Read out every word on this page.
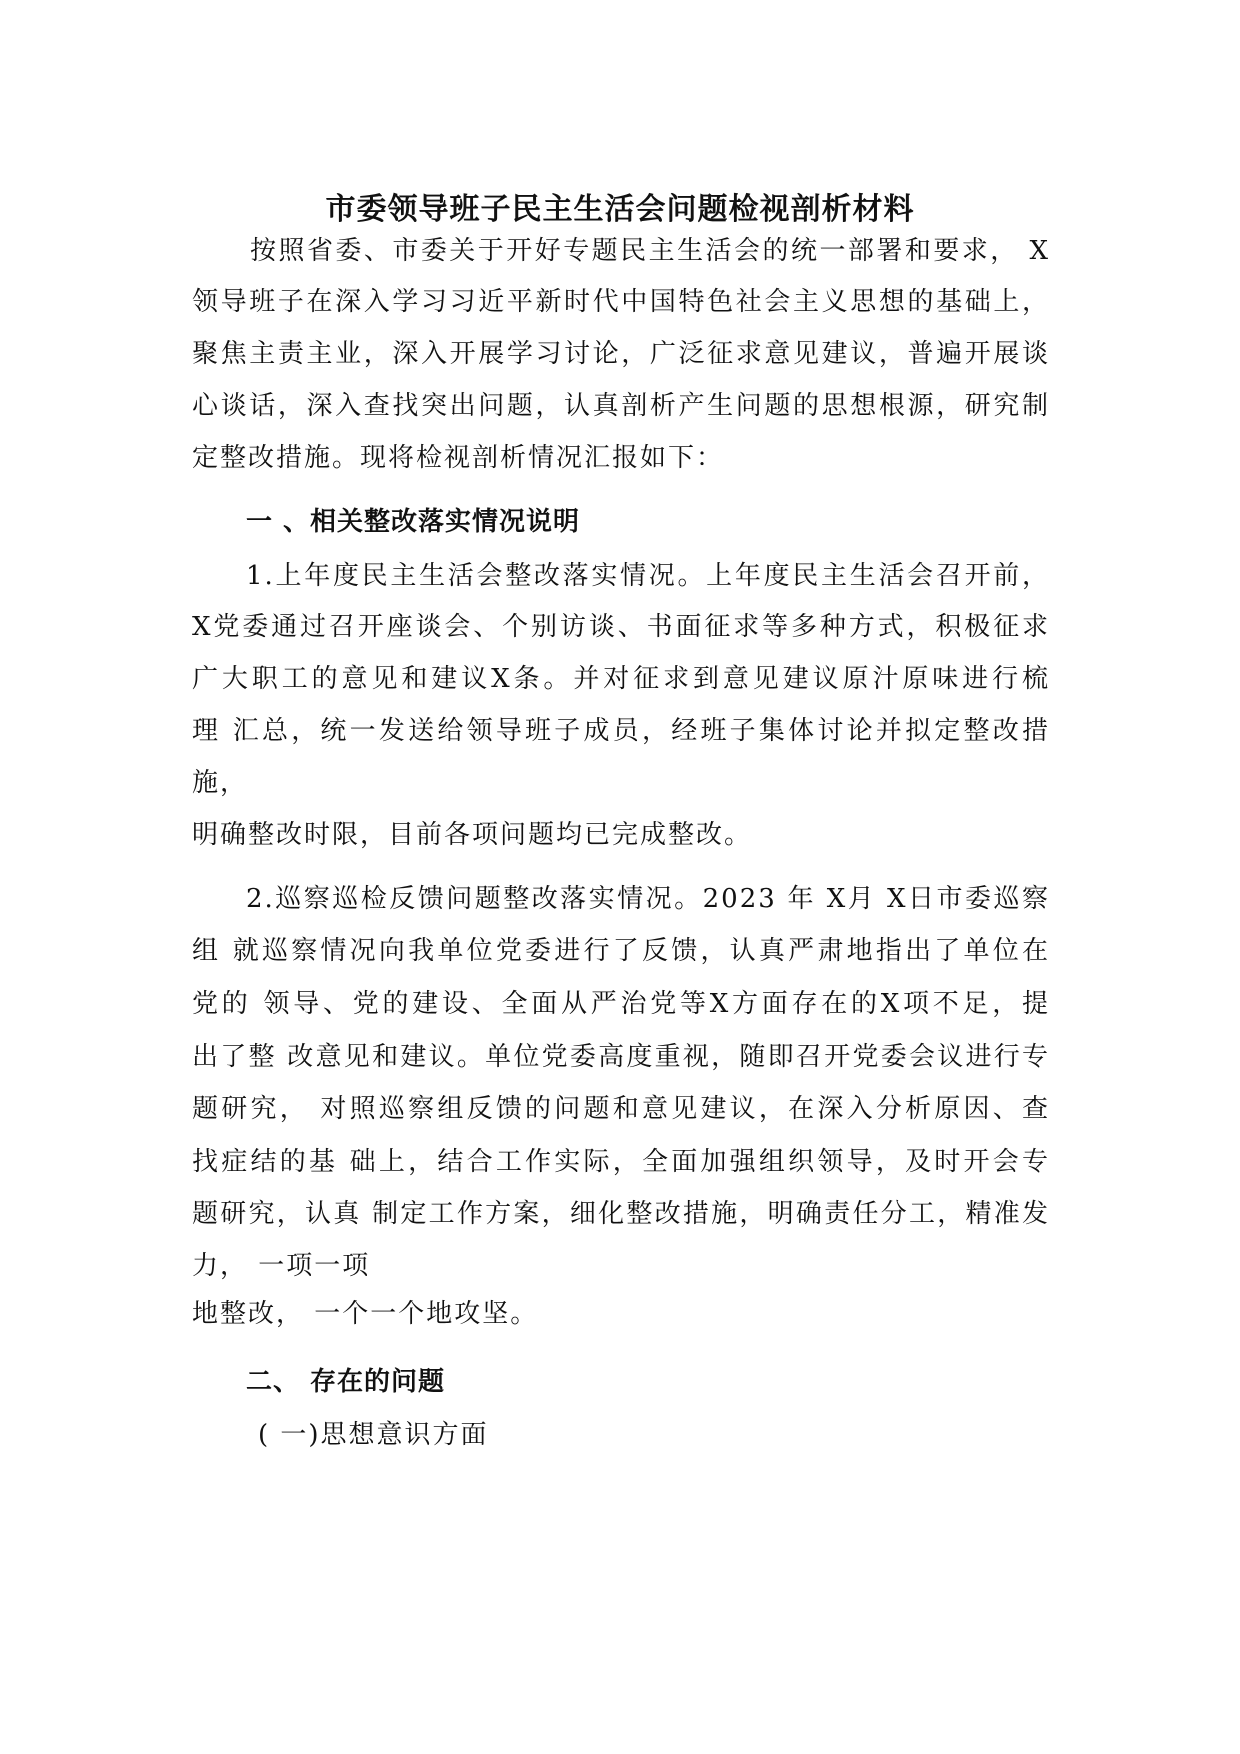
市委领导班子民主生活会问题检视剖析材料
按照省委、市委关于开好专题民主生活会的统一部署和要求， X
领导班子在深入学习习近平新时代中国特色社会主义思想的基础上，
聚焦主责主业，深入开展学习讨论，广泛征求意见建议，普遍开展谈
心谈话，深入查找突出问题，认真剖析产生问题的思想根源，研究制
定整改措施。现将检视剖析情况汇报如下：
一 、相关整改落实情况说明
1.上年度民主生活会整改落实情况。上年度民主生活会召开前，
X党委通过召开座谈会、个别访谈、书面征求等多种方式，积极征求
广大职工的意见和建议X条。并对征求到意见建议原汁原味进行梳
理 汇总，统一发送给领导班子成员，经班子集体讨论并拟定整改措
施，
明确整改时限，目前各项问题均已完成整改。
2.巡察巡检反馈问题整改落实情况。2023 年 X月 X日市委巡察
组 就巡察情况向我单位党委进行了反馈，认真严肃地指出了单位在
党的 领导、党的建设、全面从严治党等X方面存在的X项不足，提
出了整 改意见和建议。单位党委高度重视，随即召开党委会议进行专
题研究， 对照巡察组反馈的问题和意见建议，在深入分析原因、查
找症结的基 础上，结合工作实际，全面加强组织领导，及时开会专
题研究，认真 制定工作方案，细化整改措施，明确责任分工，精准发
力， 一项一项
地整改， 一个一个地攻坚。
二、 存在的问题
( 一)思想意识方面
